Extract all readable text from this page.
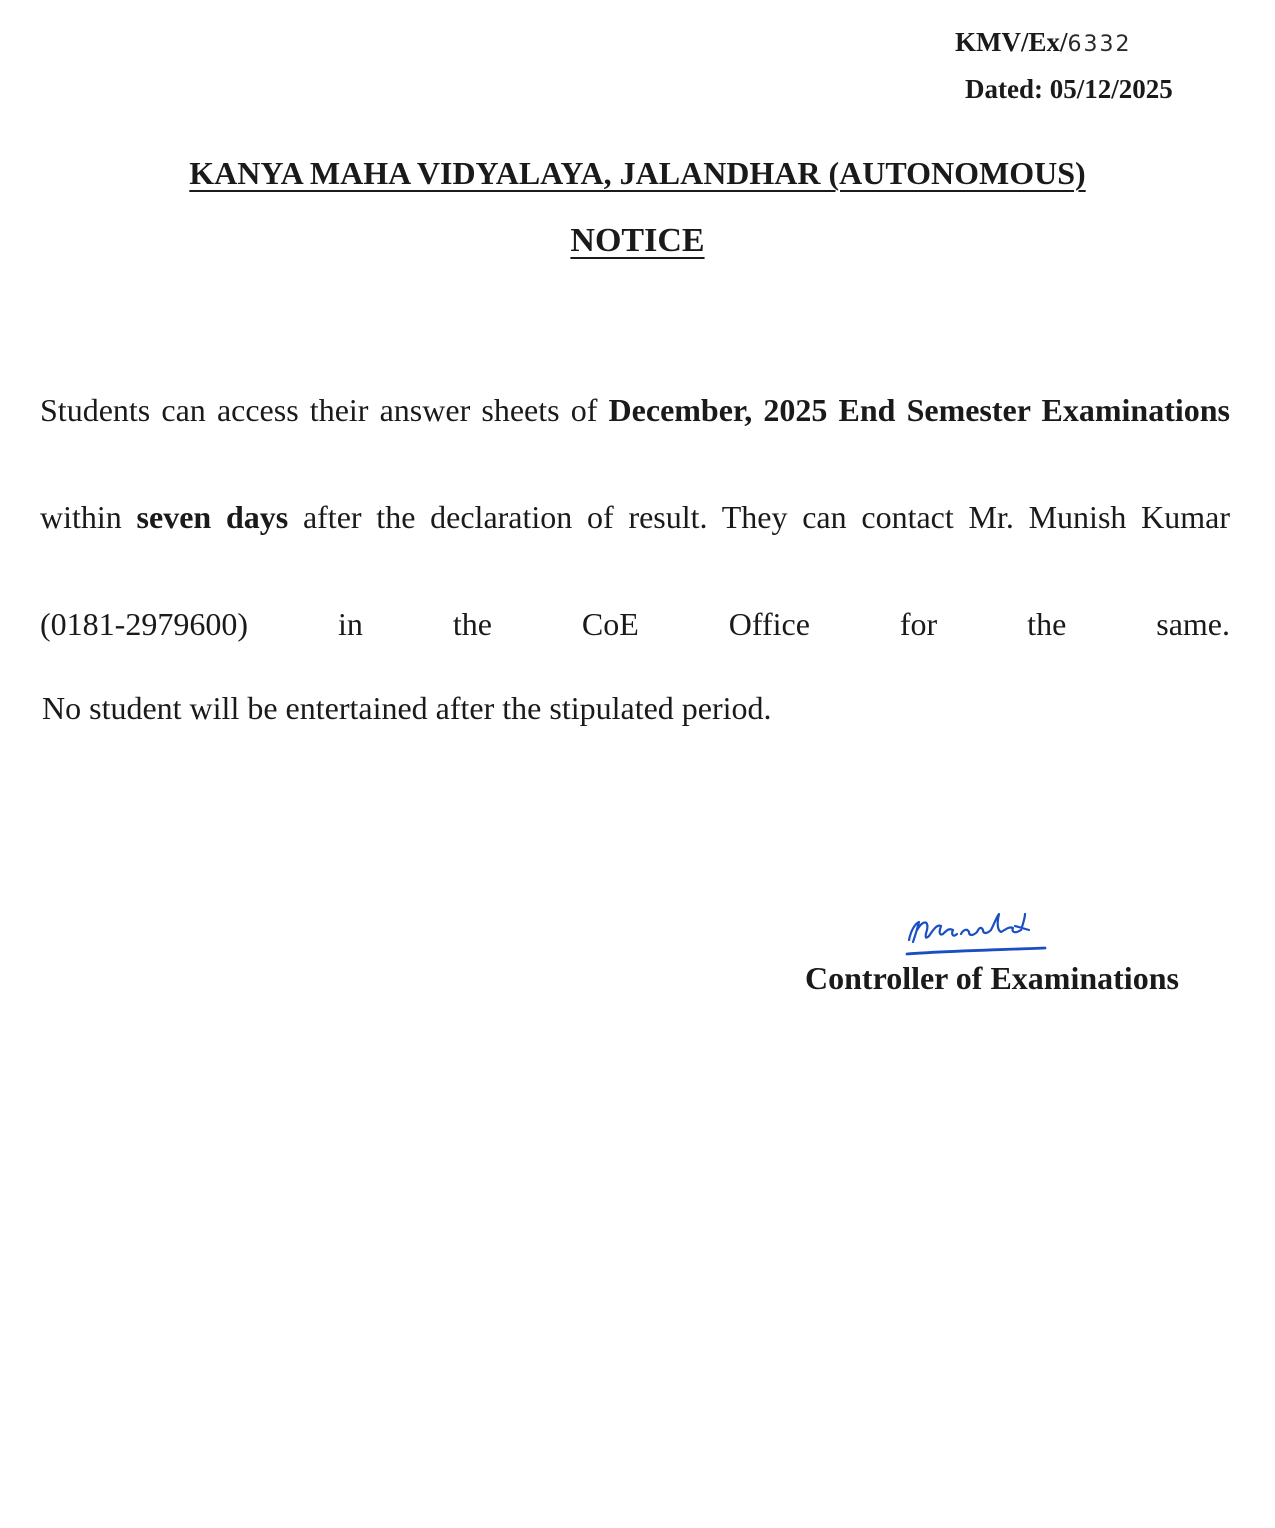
KMV/Ex/6332
Dated: 05/12/2025
KANYA MAHA VIDYALAYA, JALANDHAR (AUTONOMOUS)
NOTICE
Students can access their answer sheets of December, 2025 End Semester Examinations within seven days after the declaration of result. They can contact Mr. Munish Kumar (0181-2979600) in the CoE Office for the same.
No student will be entertained after the stipulated period.
Controller of Examinations
